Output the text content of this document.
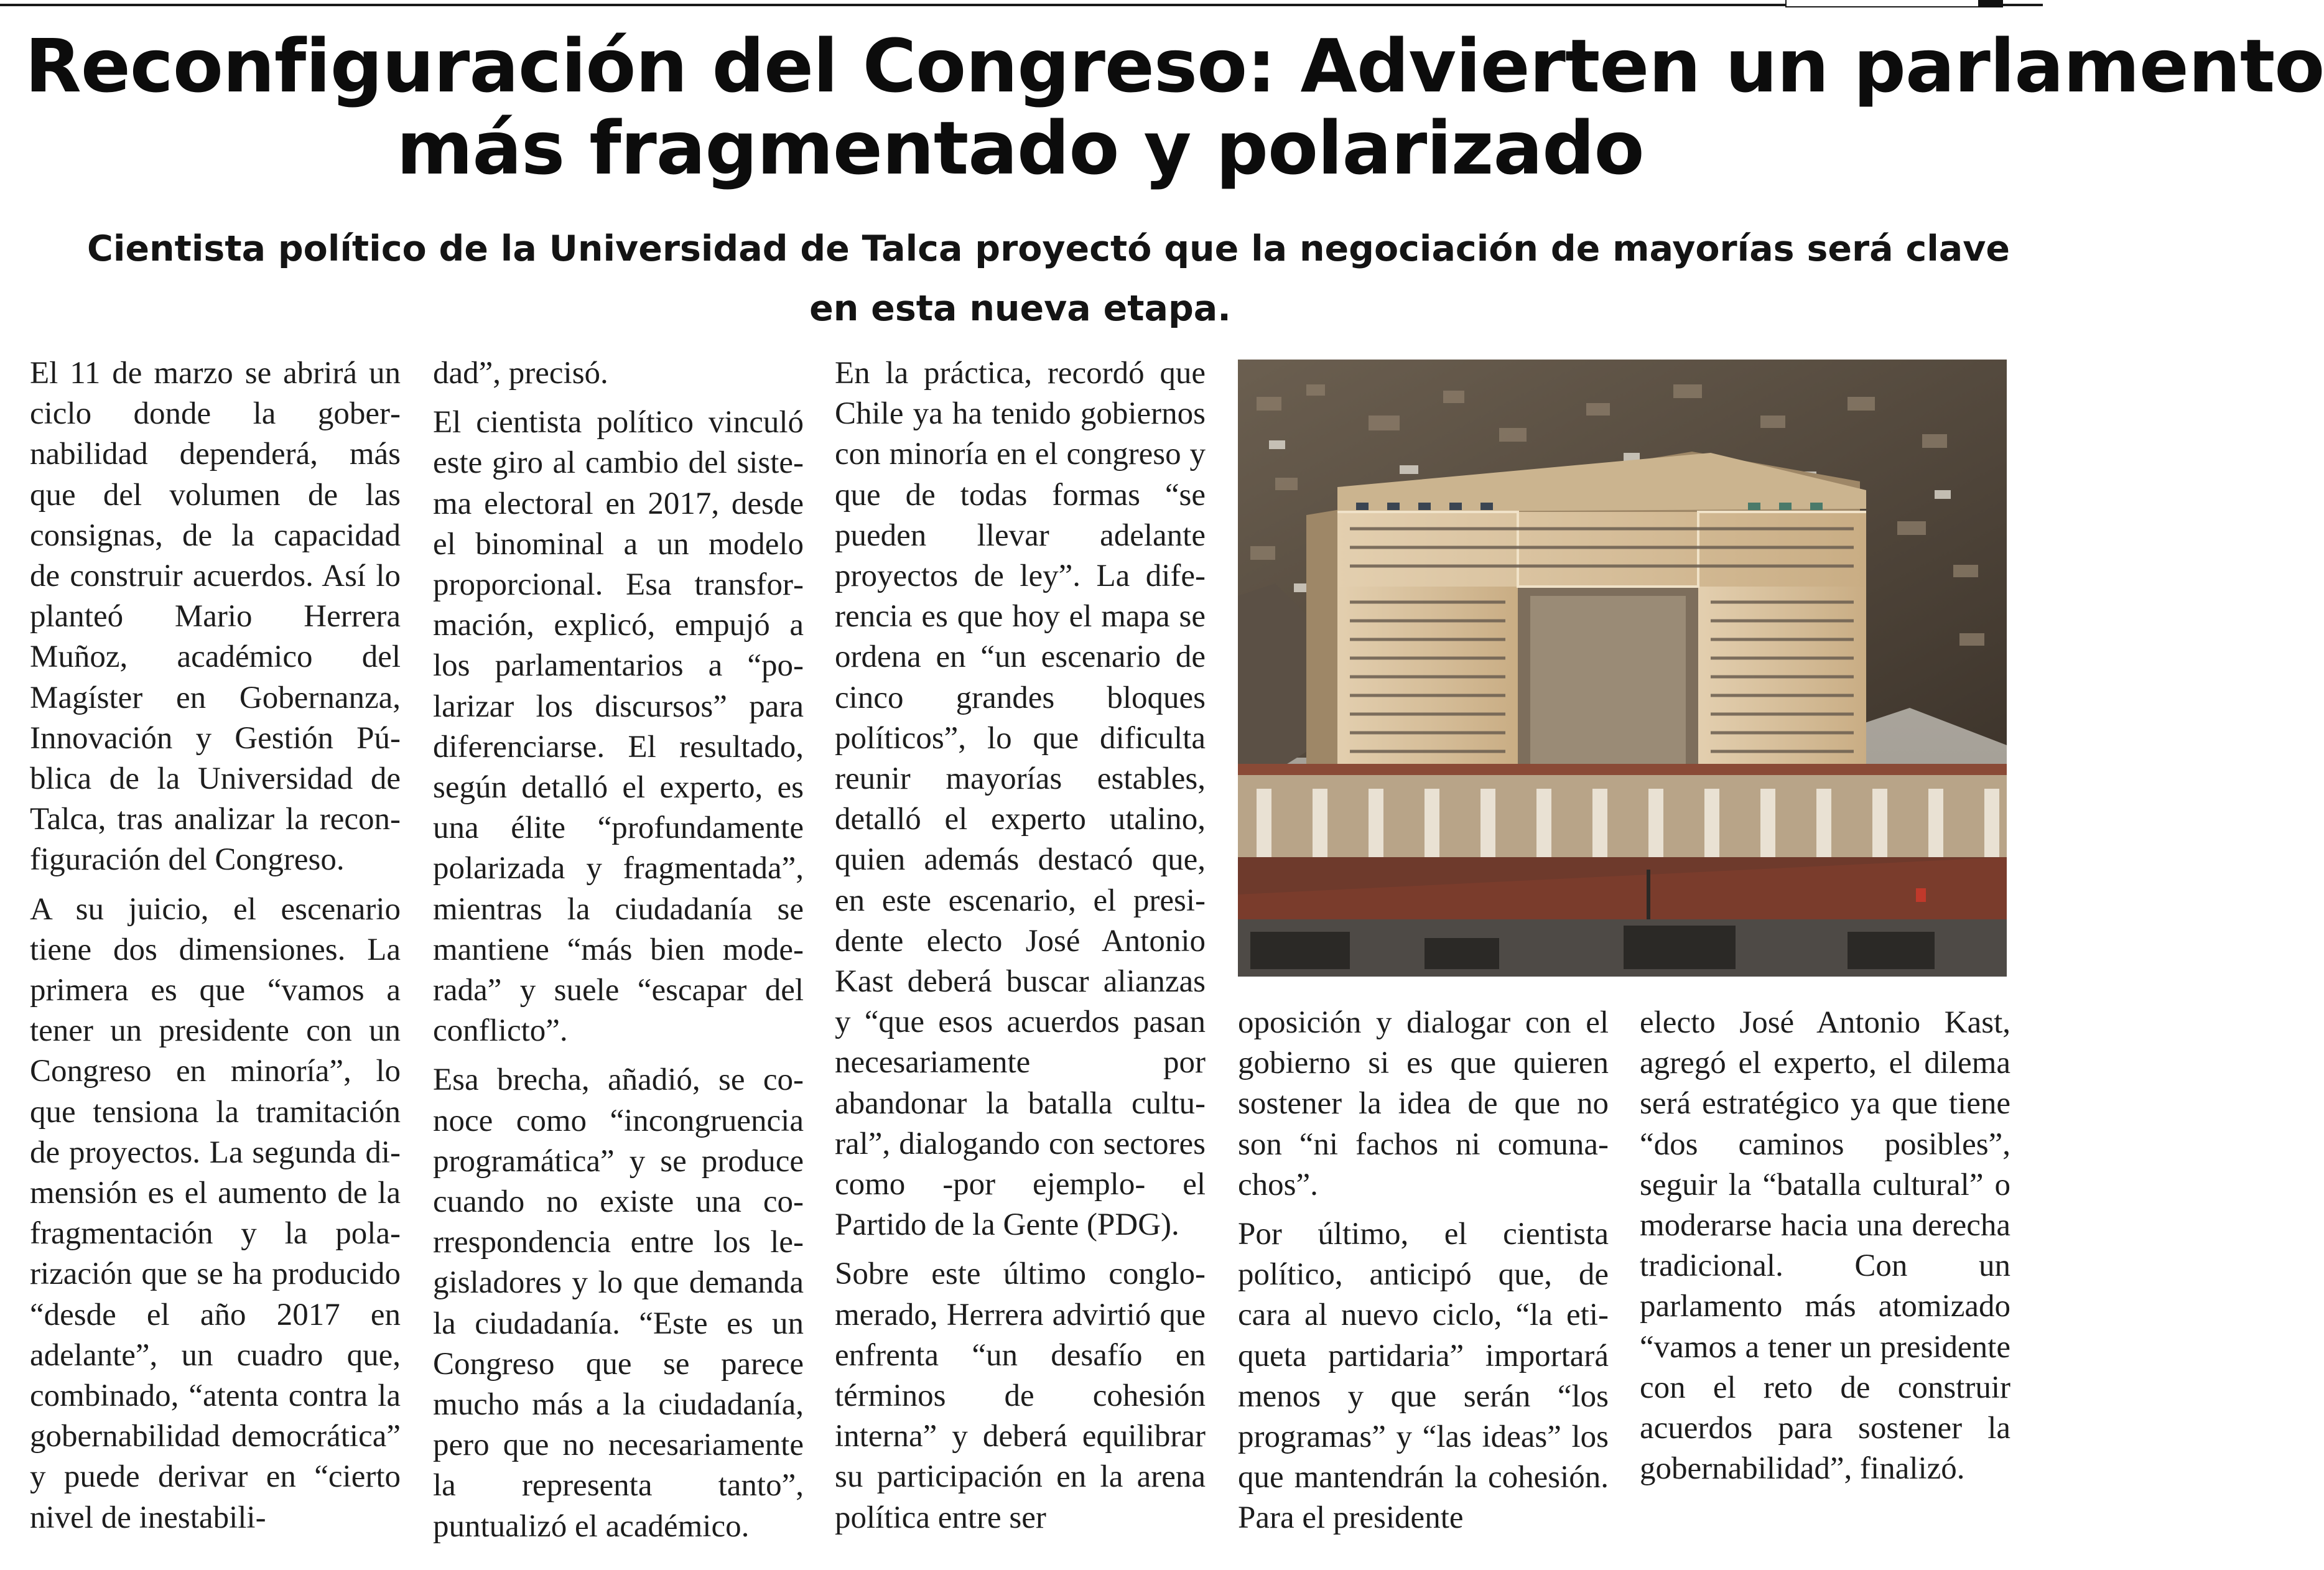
Reconfiguración del Congreso: Advierten un parlamento
más fragmentado y polarizado
Cientista político de la Universidad de Talca proyectó que la negociación de mayorías será clave
en esta nueva etapa.

El 11 de marzo se abrirá un ciclo donde la gobernabilidad dependerá, más que del volumen de las consignas, de la capacidad de construir acuerdos. Así lo planteó Mario Herrera Muñoz, académico del Magíster en Gobernanza, Innovación y Gestión Pública de la Universidad de Talca, tras analizar la reconfiguración del Congreso.

A su juicio, el escenario tiene dos dimensiones. La primera es que “vamos a tener un presidente con un Congreso en minoría”, lo que tensiona la tramitación de proyectos. La segunda dimensión es el aumento de la fragmentación y la polarización que se ha producido “desde el año 2017 en adelante”, un cuadro que, combinado, “atenta contra la gobernabilidad democrática” y puede derivar en “cierto nivel de inestabili-

dad”, precisó.

El cientista político vinculó este giro al cambio del sistema electoral en 2017, desde el binominal a un modelo proporcional. Esa transformación, explicó, empujó a los parlamentarios a “polarizar los discursos” para diferenciarse. El resultado, según detalló el experto, es una élite “profundamente polarizada y fragmentada”, mientras la ciudadanía se mantiene “más bien moderada” y suele “escapar del conflicto”.

Esa brecha, añadió, se conoce como “incongruencia programática” y se produce cuando no existe una correspondencia entre los legisladores y lo que demanda la ciudadanía. “Este es un Congreso que se parece mucho más a la ciudadanía, pero que no necesariamente la representa tanto”, puntualizó el académico.

En la práctica, recordó que Chile ya ha tenido gobiernos con minoría en el congreso y que de todas formas “se pueden llevar adelante proyectos de ley”. La diferencia es que hoy el mapa se ordena en “un escenario de cinco grandes bloques políticos”, lo que dificulta reunir mayorías estables, detalló el experto utalino, quien además destacó que, en este escenario, el presidente electo José Antonio Kast deberá buscar alianzas y “que esos acuerdos pasan necesariamente por abandonar la batalla cultural”, dialogando con sectores como -por ejemplo- el Partido de la Gente (PDG).

Sobre este último conglomerado, Herrera advirtió que enfrenta “un desafío en términos de cohesión interna” y deberá equilibrar su participación en la arena política entre ser

oposición y dialogar con el gobierno si es que quieren sostener la idea de que no son “ni fachos ni comunachos”.

Por último, el cientista político, anticipó que, de cara al nuevo ciclo, “la etiqueta partidaria” importará menos y que serán “los programas” y “las ideas” los que mantendrán la cohesión. Para el presidente

electo José Antonio Kast, agregó el experto, el dilema será estratégico ya que tiene “dos caminos posibles”, seguir la “batalla cultural” o moderarse hacia una derecha tradicional. Con un parlamento más atomizado “vamos a tener un presidente con el reto de construir acuerdos para sostener la gobernabilidad”, finalizó.
